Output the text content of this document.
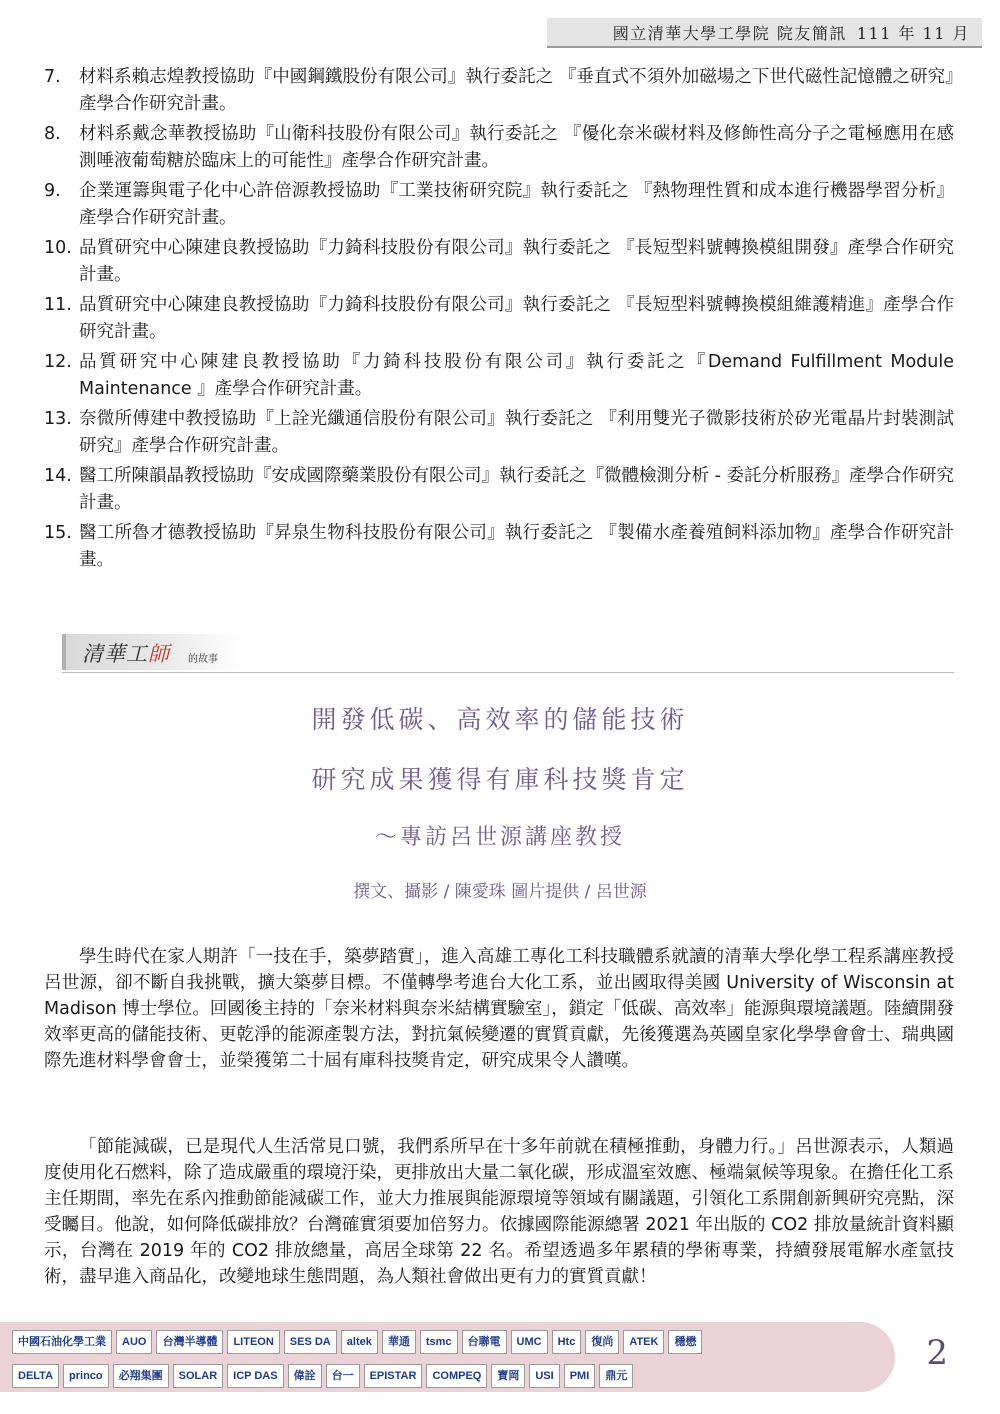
國立清華大學工學院 院友簡訊 111 年 11 月
7.	材料系賴志煌教授協助『中國鋼鐵股份有限公司』執行委託之 『垂直式不須外加磁場之下世代磁性記憶體之研究』產學合作研究計畫。
8.	材料系戴念華教授協助『山衛科技股份有限公司』執行委託之 『優化奈米碳材料及修飾性高分子之電極應用在感測唾液葡萄糖於臨床上的可能性』產學合作研究計畫。
9.	企業運籌與電子化中心許倍源教授協助『工業技術研究院』執行委託之 『熱物理性質和成本進行機器學習分析』產學合作研究計畫。
10. 品質研究中心陳建良教授協助『力錡科技股份有限公司』執行委託之 『長短型料號轉換模組開發』產學合作研究計畫。
11. 品質研究中心陳建良教授協助『力錡科技股份有限公司』執行委託之 『長短型料號轉換模組維護精進』產學合作研究計畫。
12. 品質研究中心陳建良教授協助『力錡科技股份有限公司』執行委託之『Demand Fulfillment Module Maintenance 』產學合作研究計畫。
13. 奈微所傅建中教授協助『上詮光纖通信股份有限公司』執行委託之 『利用雙光子微影技術於矽光電晶片封裝測試研究』產學合作研究計畫。
14. 醫工所陳韻晶教授協助『安成國際藥業股份有限公司』執行委託之『微體檢測分析 - 委託分析服務』產學合作研究計畫。
15. 醫工所魯才德教授協助『昇泉生物科技股份有限公司』執行委託之 『製備水產養殖飼料添加物』產學合作研究計畫。
清華工師 的故事
開發低碳、高效率的儲能技術
研究成果獲得有庫科技獎肯定
～專訪呂世源講座教授
撰文、攝影 / 陳愛珠 圖片提供 / 呂世源
學生時代在家人期許「一技在手，築夢踏實」，進入高雄工專化工科技職體系就讀的清華大學化學工程系講座教授呂世源，卻不斷自我挑戰，擴大築夢目標。不僅轉學考進台大化工系，並出國取得美國 University of Wisconsin at Madison 博士學位。回國後主持的「奈米材料與奈米結構實驗室」，鎖定「低碳、高效率」能源與環境議題。陸續開發效率更高的儲能技術、更乾淨的能源產製方法，對抗氣候變遷的實質貢獻，先後獲選為英國皇家化學學會會士、瑞典國際先進材料學會會士，並榮獲第二十屆有庫科技獎肯定，研究成果令人讚嘆。
「節能減碳，已是現代人生活常見口號，我們系所早在十多年前就在積極推動，身體力行。」呂世源表示，人類過度使用化石燃料，除了造成嚴重的環境汙染，更排放出大量二氧化碳，形成溫室效應、極端氣候等現象。在擔任化工系主任期間，率先在系內推動節能減碳工作，並大力推展與能源環境等領域有關議題，引領化工系開創新興研究亮點，深受矚目。他說，如何降低碳排放？台灣確實須要加倍努力。依據國際能源總署 2021 年出版的 CO2 排放量統計資料顯示，台灣在 2019 年的 CO2 排放總量，高居全球第 22 名。希望透過多年累積的學術專業，持續發展電解水產氫技術，盡早進入商品化，改變地球生態問題，為人類社會做出更有力的實質貢獻！
中國石油化學工業	AUO	台灣半導體	LITEON	SES DA	altek	華通	tsmc	台聯電	UMC	Htc	復尚	ATEK	穩懋
DELTA	princo	必翔集團	SOLAR	ICP DAS	偉詮	台一	EPISTAR	COMPEQ	寶岡	USI	PMI	鼎元
2
